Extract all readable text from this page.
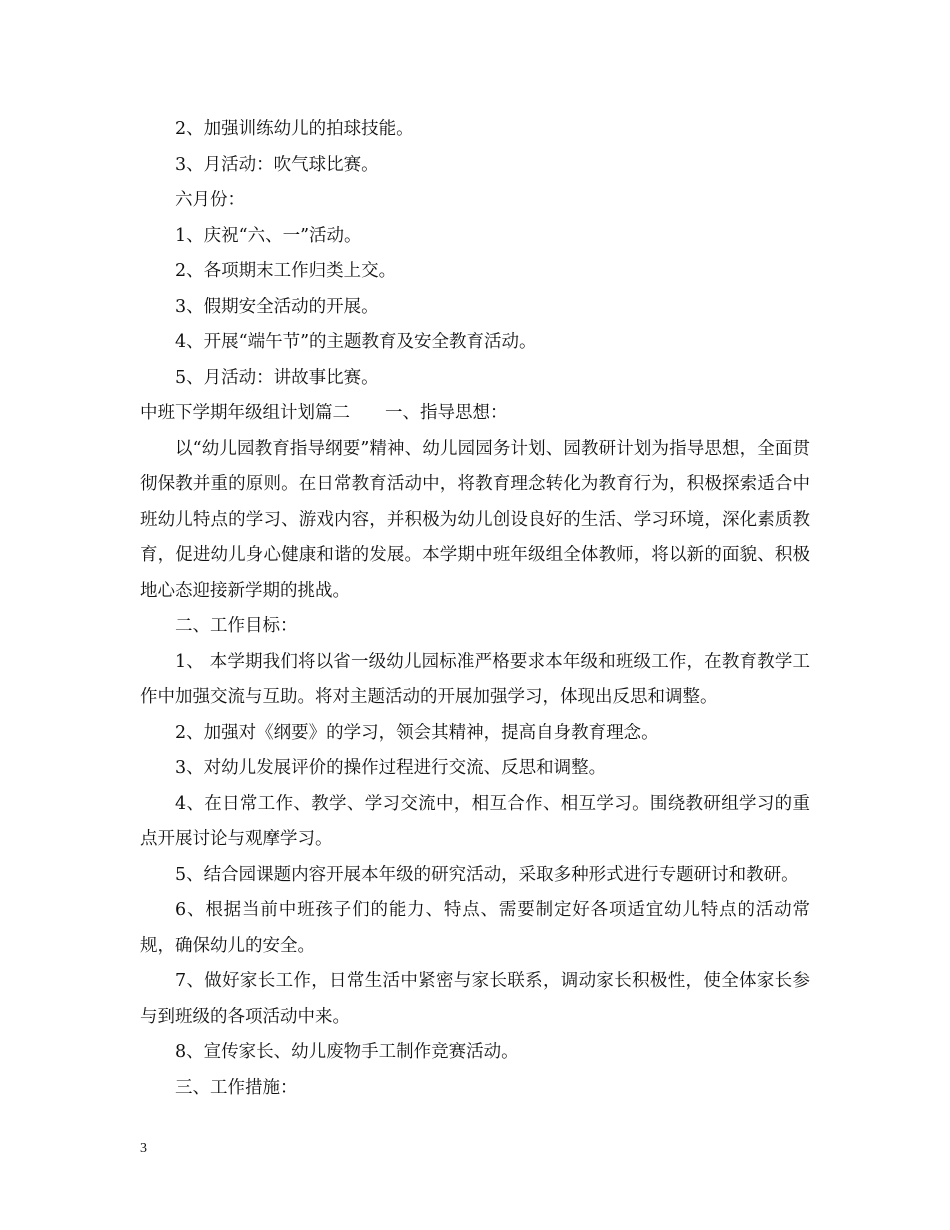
2、加强训练幼儿的拍球技能。

3、月活动：吹气球比赛。

六月份：

1、庆祝“六、一”活动。

2、各项期末工作归类上交。

3、假期安全活动的开展。

4、开展“端午节”的主题教育及安全教育活动。

5、月活动：讲故事比赛。

中班下学期年级组计划篇二 一、指导思想：

以“幼儿园教育指导纲要”精神、幼儿园园务计划、园教研计划为指导思想，全面贯彻保教并重的原则。在日常教育活动中，将教育理念转化为教育行为，积极探索适合中班幼儿特点的学习、游戏内容，并积极为幼儿创设良好的生活、学习环境，深化素质教育，促进幼儿身心健康和谐的发展。本学期中班年级组全体教师，将以新的面貌、积极地心态迎接新学期的挑战。

二、工作目标：

1、 本学期我们将以省一级幼儿园标准严格要求本年级和班级工作，在教育教学工作中加强交流与互助。将对主题活动的开展加强学习，体现出反思和调整。

2、加强对《纲要》的学习，领会其精神，提高自身教育理念。

3、对幼儿发展评价的操作过程进行交流、反思和调整。

4、在日常工作、教学、学习交流中，相互合作、相互学习。围绕教研组学习的重点开展讨论与观摩学习。

5、结合园课题内容开展本年级的研究活动，采取多种形式进行专题研讨和教研。

6、根据当前中班孩子们的能力、特点、需要制定好各项适宜幼儿特点的活动常规，确保幼儿的安全。

7、做好家长工作，日常生活中紧密与家长联系，调动家长积极性，使全体家长参与到班级的各项活动中来。

8、宣传家长、幼儿废物手工制作竞赛活动。

三、工作措施：

3
